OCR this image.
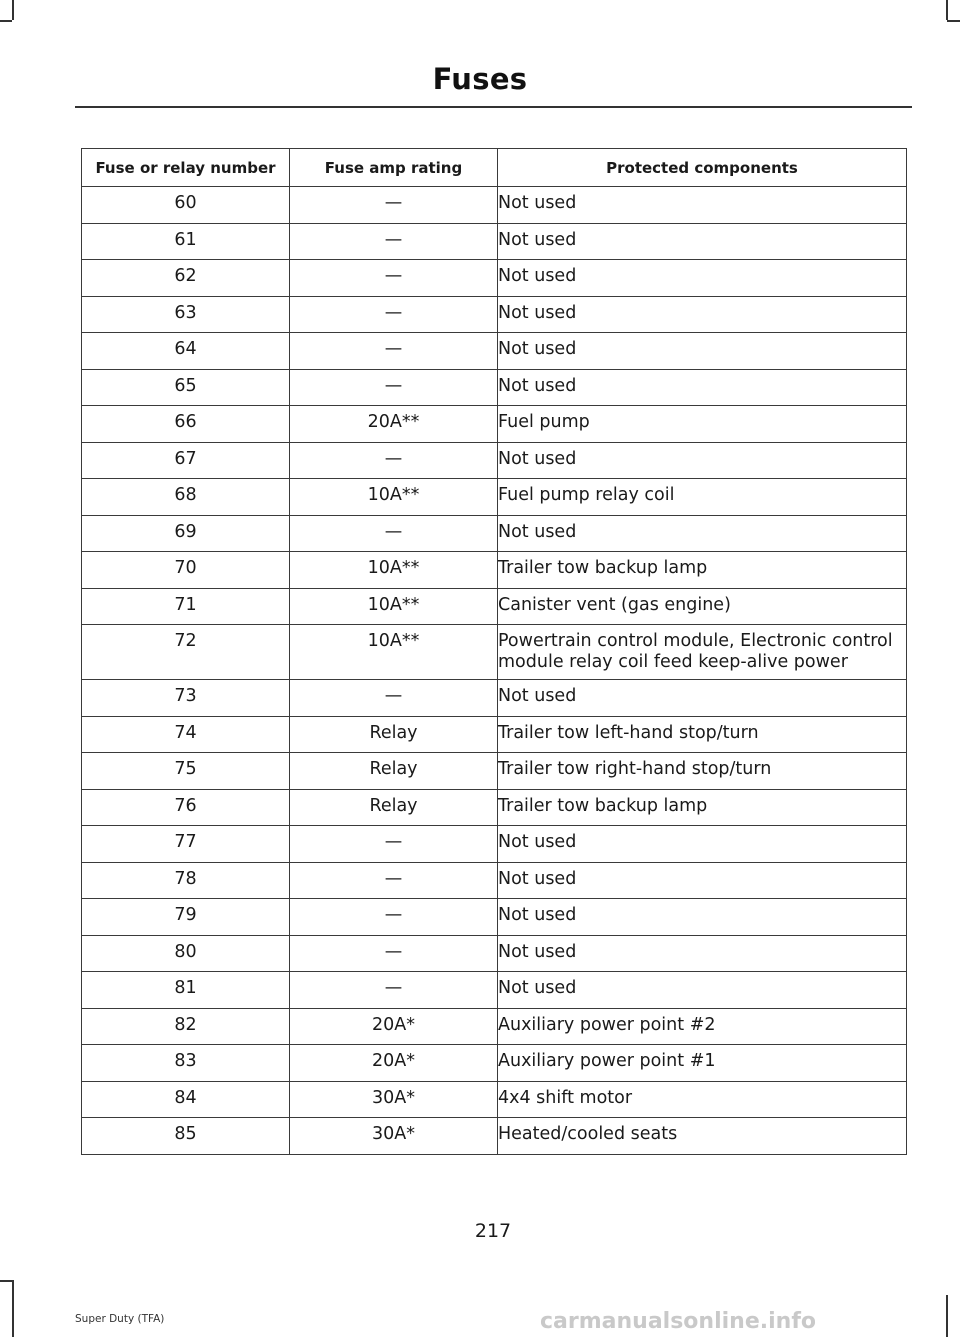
Fuses
Fuse or relay number	Fuse amp rating	Protected components
60	—	Not used
61	—	Not used
62	—	Not used
63	—	Not used
64	—	Not used
65	—	Not used
66	20A**	Fuel pump
67	—	Not used
68	10A**	Fuel pump relay coil
69	—	Not used
70	10A**	Trailer tow backup lamp
71	10A**	Canister vent (gas engine)
72	10A**	Powertrain control module, Electronic control module relay coil feed keep-alive power
73	—	Not used
74	Relay	Trailer tow left-hand stop/turn
75	Relay	Trailer tow right-hand stop/turn
76	Relay	Trailer tow backup lamp
77	—	Not used
78	—	Not used
79	—	Not used
80	—	Not used
81	—	Not used
82	20A*	Auxiliary power point #2
83	20A*	Auxiliary power point #1
84	30A*	4x4 shift motor
85	30A*	Heated/cooled seats
217
Super Duty (TFA)	carmanualsonline.info
